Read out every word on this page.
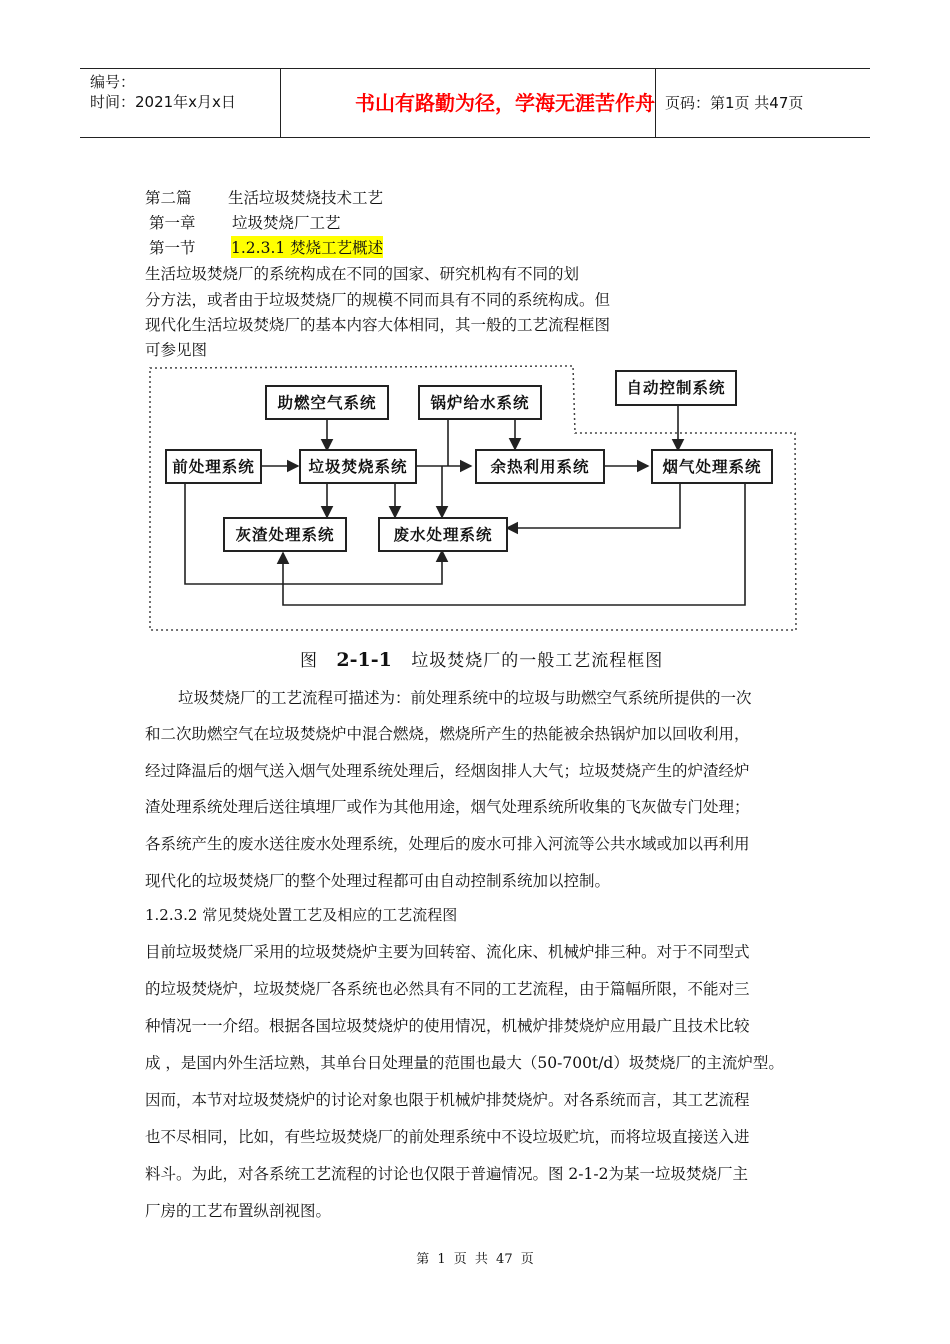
编号：
时间：2021年x月x日	书山有路勤为径，学海无涯苦作舟 页码：第1页 共47页
第二篇 生活垃圾焚烧技术工艺
第一章 垃圾焚烧厂工艺
第一节 1.2.3.1 焚烧工艺概述
生活垃圾焚烧厂的系统构成在不同的国家、研究机构有不同的划
分方法，或者由于垃圾焚烧厂的规模不同而具有不同的系统构成。但
现代化生活垃圾焚烧厂的基本内容大体相同，其一般的工艺流程框图
可参见图
自动控制系统
助燃空气系统	锅炉给水系统
前处理系统	垃圾焚烧系统	余热利用系统	烟气处理系统
灰渣处理系统	废水处理系统
图 2-1-1 垃圾焚烧厂的一般工艺流程框图
垃圾焚烧厂的工艺流程可描述为：前处理系统中的垃圾与助燃空气系统所提供的一次
和二次助燃空气在垃圾焚烧炉中混合燃烧，燃烧所产生的热能被余热锅炉加以回收利用，
经过降温后的烟气送入烟气处理系统处理后，经烟囱排人大气；垃圾焚烧产生的炉渣经炉
渣处理系统处理后送往填埋厂或作为其他用途，烟气处理系统所收集的飞灰做专门处理；
各系统产生的废水送往废水处理系统，处理后的废水可排入河流等公共水域或加以再利用
现代化的垃圾焚烧厂的整个处理过程都可由自动控制系统加以控制。
1.2.3.2 常见焚烧处置工艺及相应的工艺流程图
目前垃圾焚烧厂采用的垃圾焚烧炉主要为回转窑、流化床、机械炉排三种。对于不同型式
的垃圾焚烧炉，垃圾焚烧厂各系统也必然具有不同的工艺流程，由于篇幅所限，不能对三
种情况一一介绍。根据各国垃圾焚烧炉的使用情况，机械炉排焚烧炉应用最广且技术比较
成 ，是国内外生活垃熟，其单台日处理量的范围也最大（50-700t/d）圾焚烧厂的主流炉型。
因而，本节对垃圾焚烧炉的讨论对象也限于机械炉排焚烧炉。对各系统而言，其工艺流程
也不尽相同，比如，有些垃圾焚烧厂的前处理系统中不设垃圾贮坑，而将垃圾直接送入进
料斗。为此，对各系统工艺流程的讨论也仅限于普遍情况。图 2-1-2为某一垃圾焚烧厂主
厂房的工艺布置纵剖视图。
第 1 页 共 47 页
